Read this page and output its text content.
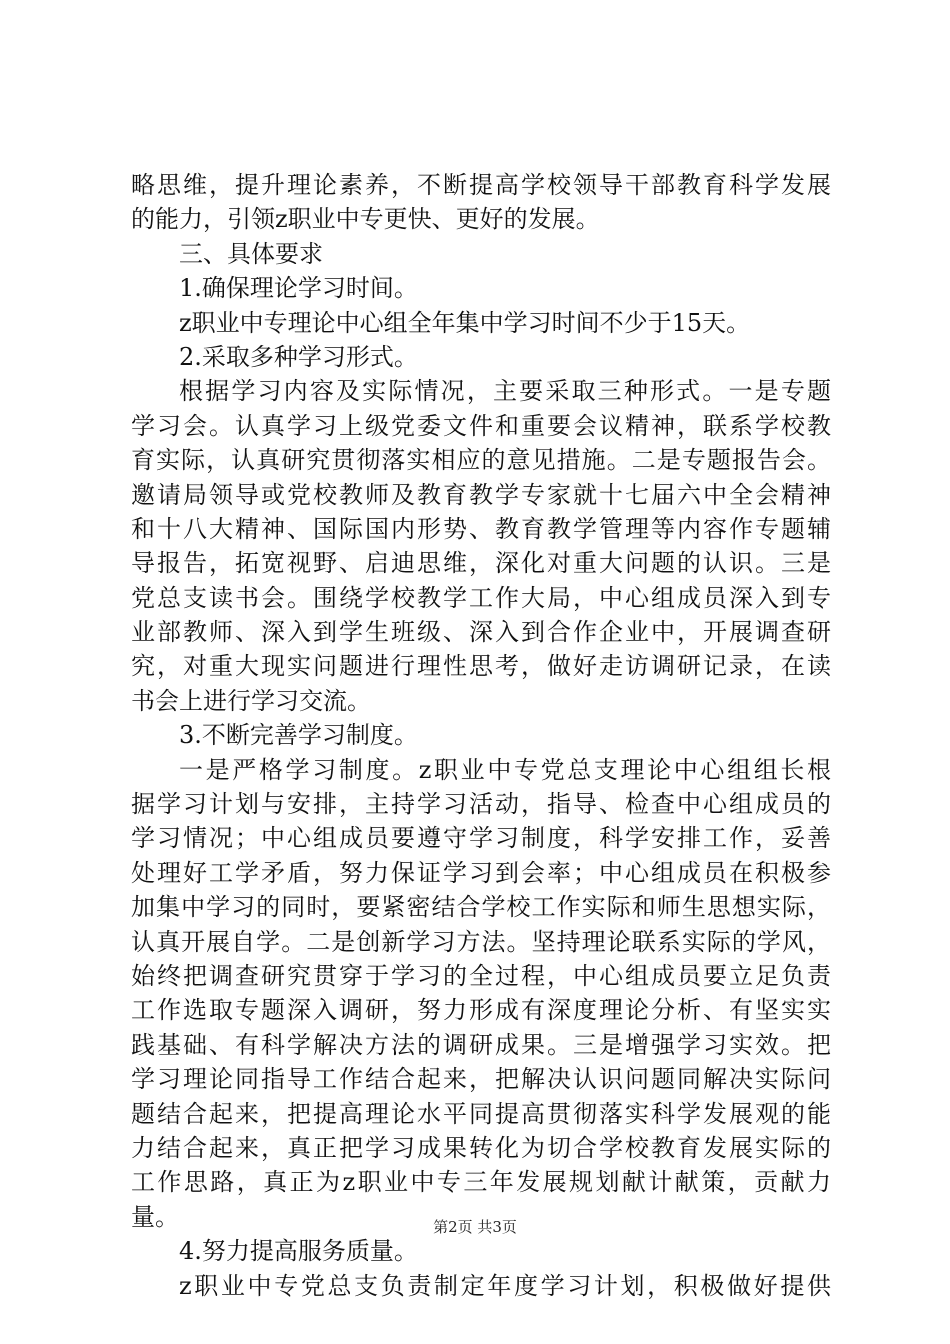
略思维，提升理论素养，不断提高学校领导干部教育科学发展
的能力，引领z职业中专更快、更好的发展。
三、具体要求
1.确保理论学习时间。
z职业中专理论中心组全年集中学习时间不少于15天。
2.采取多种学习形式。
根据学习内容及实际情况，主要采取三种形式。一是专题
学习会。认真学习上级党委文件和重要会议精神，联系学校教
育实际，认真研究贯彻落实相应的意见措施。二是专题报告会。
邀请局领导或党校教师及教育教学专家就十七届六中全会精神
和十八大精神、国际国内形势、教育教学管理等内容作专题辅
导报告，拓宽视野、启迪思维，深化对重大问题的认识。三是
党总支读书会。围绕学校教学工作大局，中心组成员深入到专
业部教师、深入到学生班级、深入到合作企业中，开展调查研
究，对重大现实问题进行理性思考，做好走访调研记录，在读
书会上进行学习交流。
3.不断完善学习制度。
一是严格学习制度。z职业中专党总支理论中心组组长根
据学习计划与安排，主持学习活动，指导、检查中心组成员的
学习情况；中心组成员要遵守学习制度，科学安排工作，妥善
处理好工学矛盾，努力保证学习到会率；中心组成员在积极参
加集中学习的同时，要紧密结合学校工作实际和师生思想实际，
认真开展自学。二是创新学习方法。坚持理论联系实际的学风，
始终把调查研究贯穿于学习的全过程，中心组成员要立足负责
工作选取专题深入调研，努力形成有深度理论分析、有坚实实
践基础、有科学解决方法的调研成果。三是增强学习实效。把
学习理论同指导工作结合起来，把解决认识问题同解决实际问
题结合起来，把提高理论水平同提高贯彻落实科学发展观的能
力结合起来，真正把学习成果转化为切合学校教育发展实际的
工作思路，真正为z职业中专三年发展规划献计献策，贡献力
量。
4.努力提高服务质量。
z职业中专党总支负责制定年度学习计划，积极做好提供
第2页 共3页
